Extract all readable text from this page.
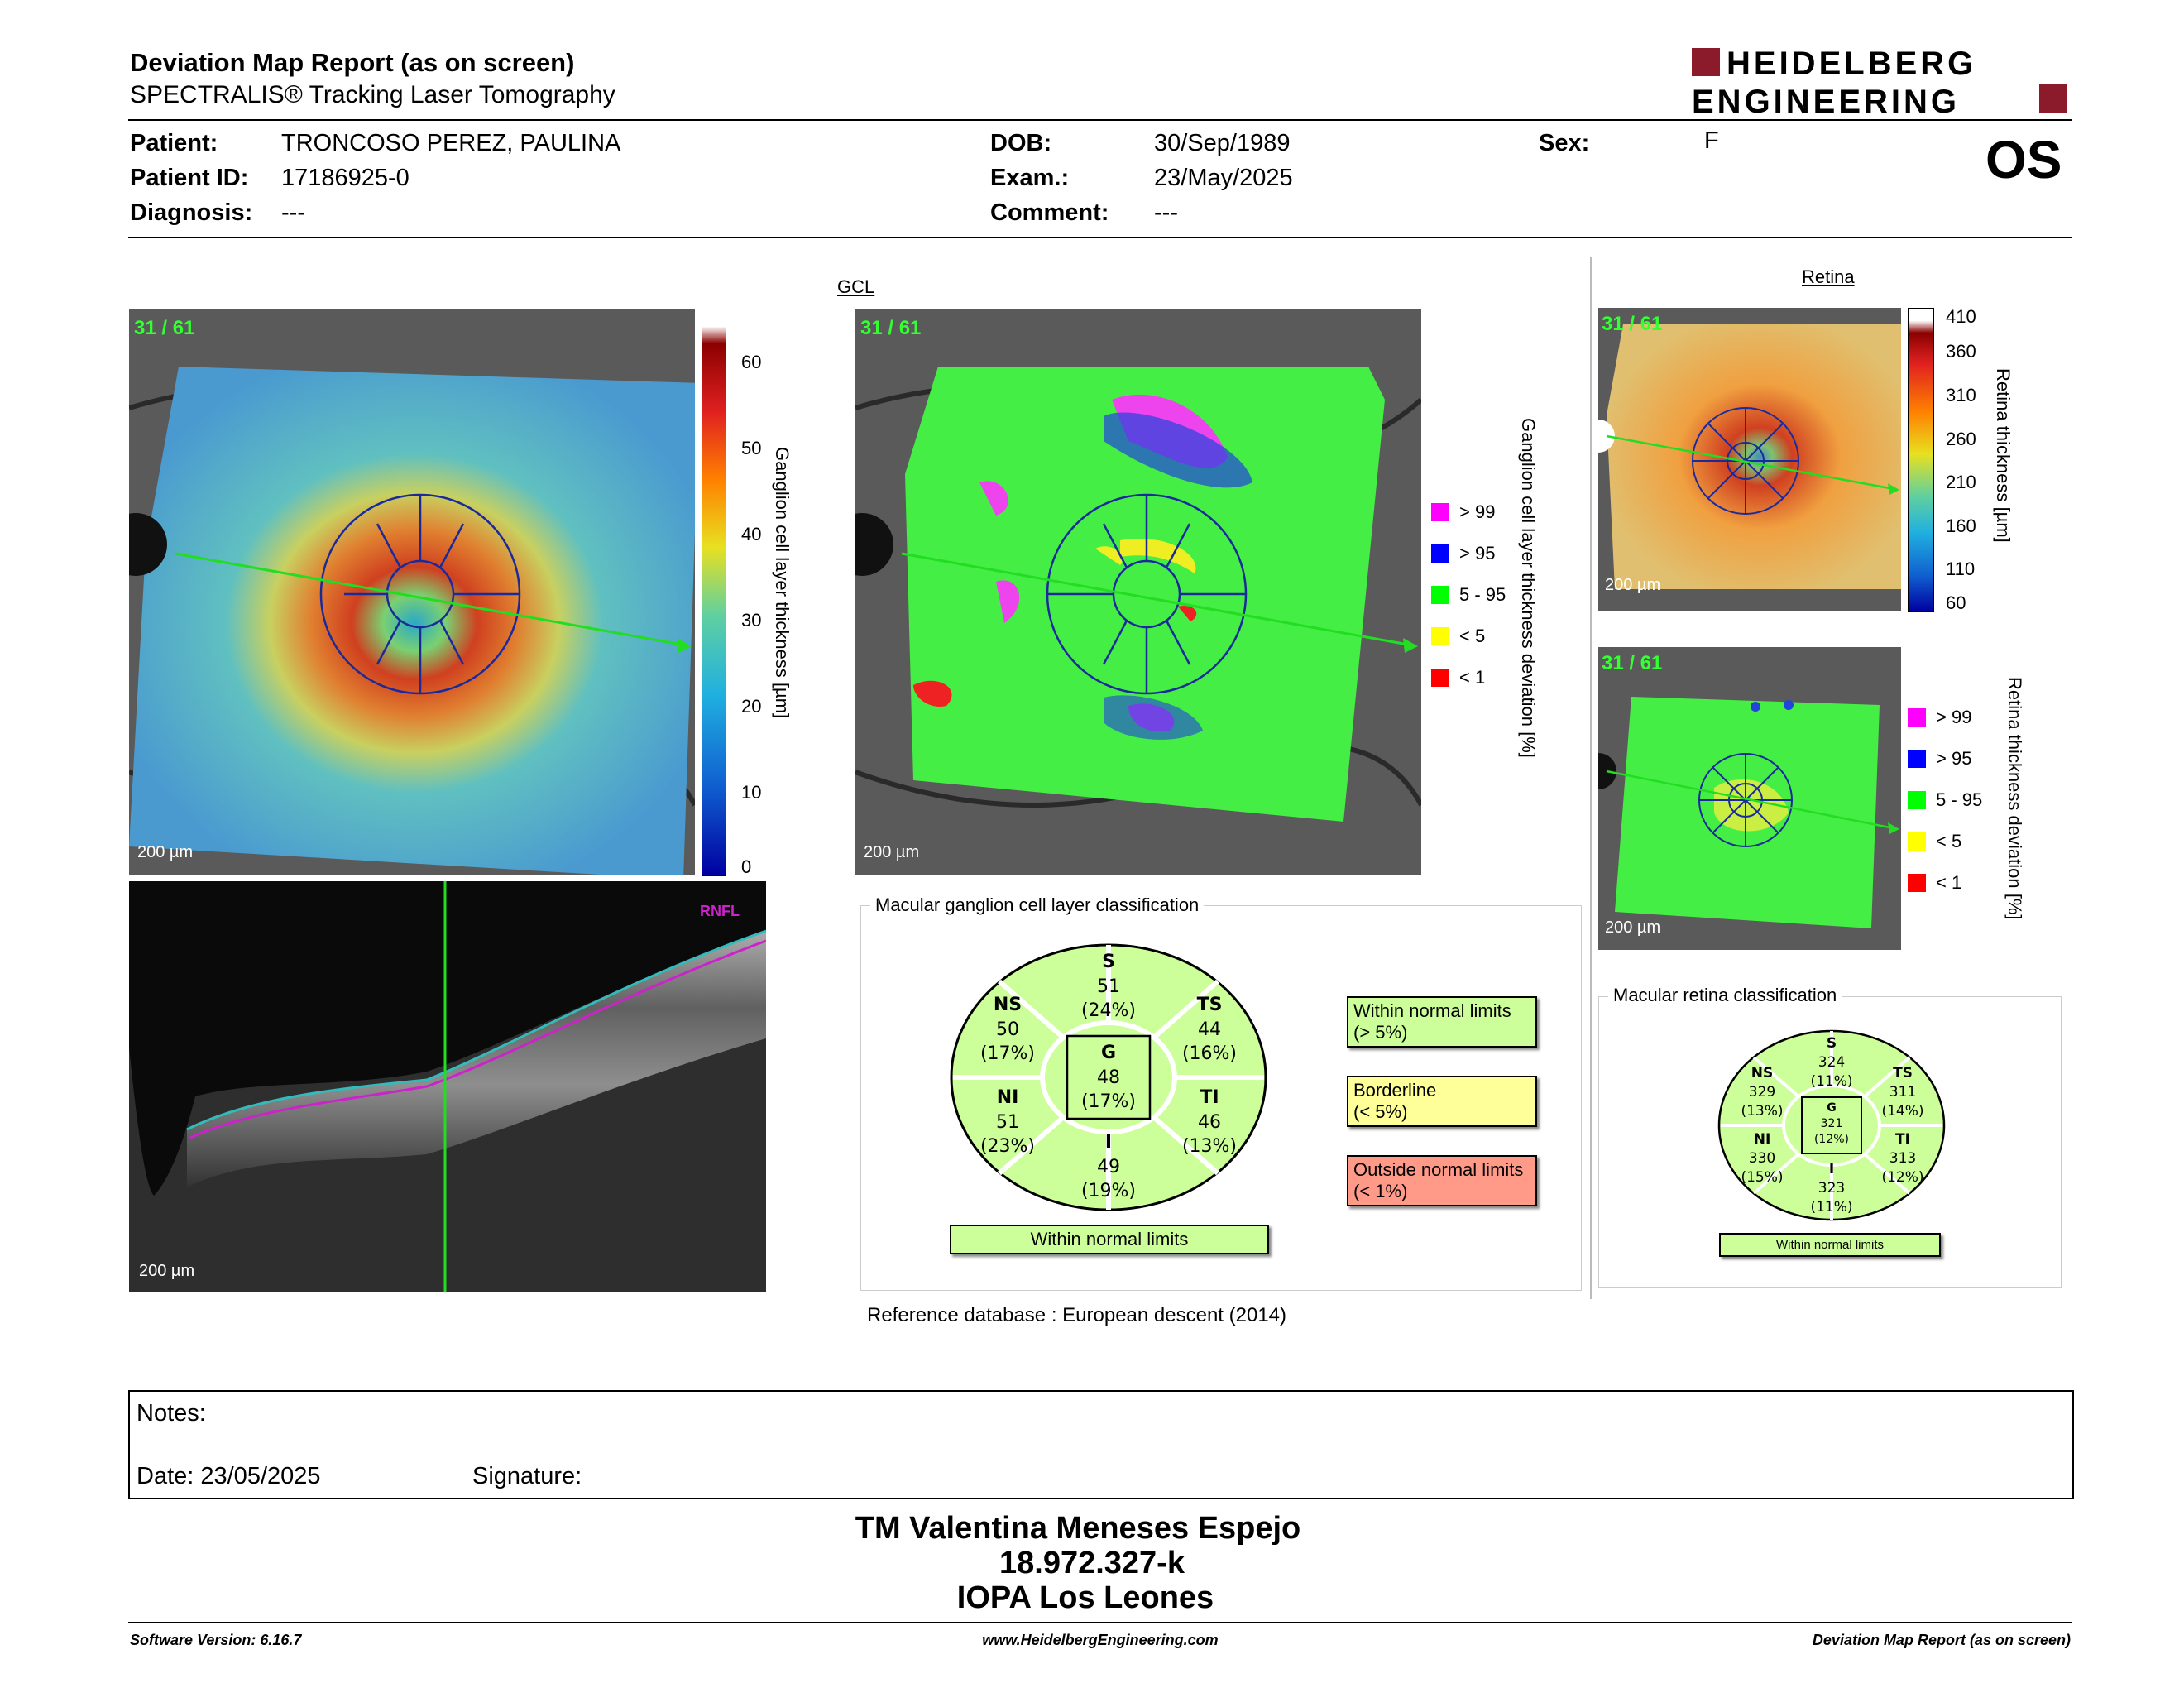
Deviation Map Report (as on screen)
SPECTRALIS® Tracking Laser Tomography
HEIDELBERG
ENGINEERING
Patient:	TRONCOSO PEREZ, PAULINA
Patient ID: 17186925-0
Diagnosis: ---
DOB:	30/Sep/1989
Exam.:	23/May/2025
Comment: ---
Sex:	F	OS
GCL	Retina
31 / 61
200 µm
60
50
40
30
20
10
0
Ganglion cell layer thickness [µm]
RNFL
200 µm
31 / 61
200 µm
> 99
> 95
5 - 95
< 5
< 1 Ganglion cell layer thickness deviation [%]
Macular ganglion cell layer classification
S
51
(24%)
NS
50
(17%)
TS
44
(16%)
G
48
(17%)
NI
51
(23%)
TI
46
(13%)
I
49
(19%)
Within normal limits
Within normal limits
(> 5%)
Borderline
(< 5%)
Outside normal limits
(< 1%)
Reference database : European descent (2014)
31 / 61
200 µm
410
360
310
260
210
160
110
60
Retina thickness [µm]
31 / 61
200 µm
> 99
> 95
5 - 95
< 5
< 1 Retina thickness deviation [%]
Macular retina classification
S
324
(11%)
NS
329
(13%)
TS
311
(14%)
G
321
(12%)
NI
330
(15%)
TI
313
(12%)
I
323
(11%)
Within normal limits
Notes:
Date: 23/05/2025	Signature:
TM Valentina Meneses Espejo
18.972.327-k
IOPA Los Leones
Software Version: 6.16.7	www.HeidelbergEngineering.com	Deviation Map Report (as on screen)
